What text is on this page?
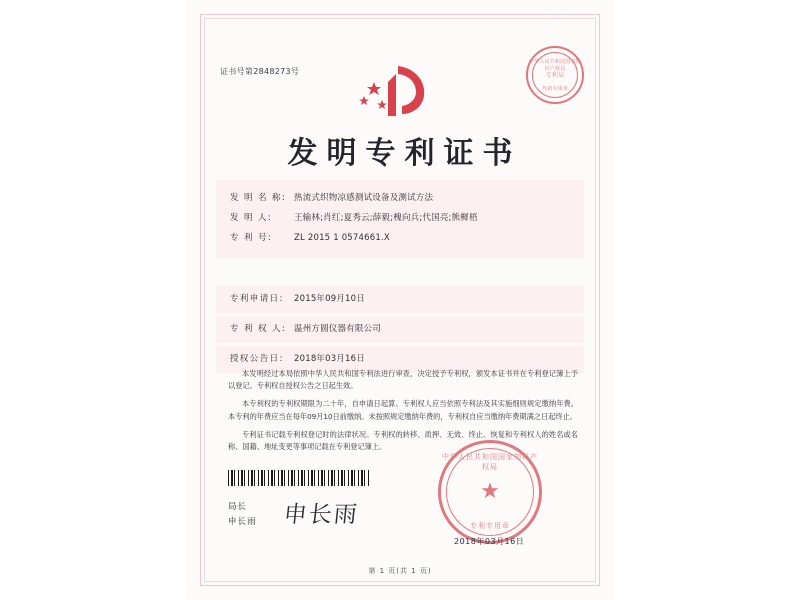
证书号第2848273号
中华人民共和国国家知识产权局
专利局
代初专用章
发明专利证书
发 明 名 称: 热流式织物凉感测试设备及测试方法
发 明 人:	王输林;肖红;夏秀云;薛毅;槐向兵;代国亮;熊樨梧
专 利 号:	ZL 2015 1 0574661.X
专利申请日: 2015年09月10日
专 利 权 人: 温州方圆仪器有限公司
授权公告日: 2018年03月16日

本发明经过本局依照中华人民共和国专利法进行审查，决定授予专利权，颁发本证书并在专利登记簿上予以登记。专利权自授权公告之日起生效。

本专利权的专利权期限为二十年，自申请日起算。专利权人应当依照专利法及其实施细则规定缴纳年费。本专利的年费应当在每年09月10日前缴纳。未按照规定缴纳年费的，专利权自应当缴纳年费期满之日起终止。

专利证书记载专利权登记时的法律状况。专利权的转移、质押、无效、终止、恢复和专利权人的姓名或名称、国籍、地址变更等事项记载在专利登记簿上。

局长
申长雨 申长雨
中华人民共和国国家知识产权局
★
专利专用章
2018年03月16日
第 1 页(共 1 页)
